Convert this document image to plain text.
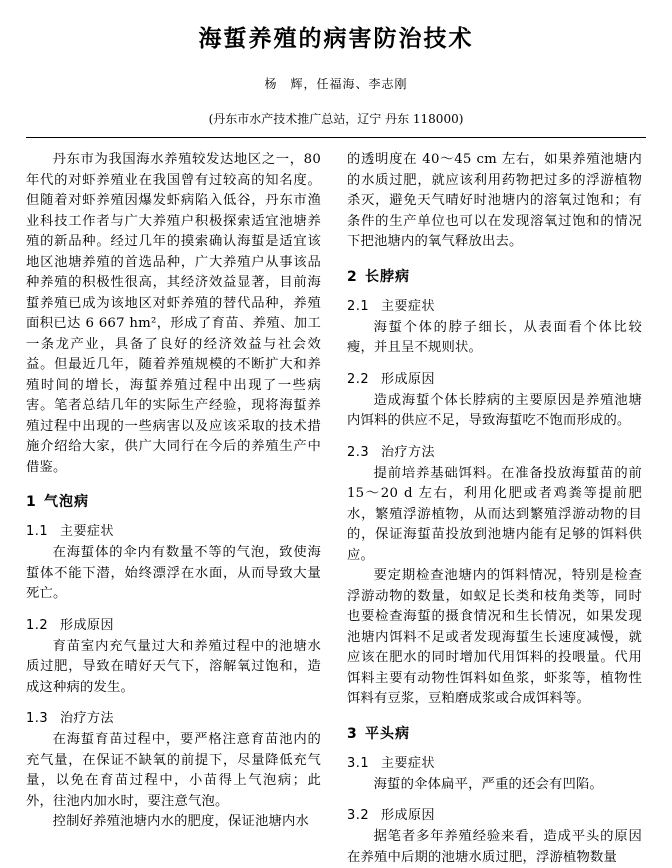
海蜇养殖的病害防治技术
杨　辉，任福海、李志刚
(丹东市水产技术推广总站，辽宁 丹东 118000)

丹东市为我国海水养殖较发达地区之一，80年代的对虾养殖业在我国曾有过较高的知名度。但随着对虾养殖因爆发虾病陷入低谷，丹东市渔业科技工作者与广大养殖户积极探索适宜池塘养殖的新品种。经过几年的摸索确认海蜇是适宜该地区池塘养殖的首选品种，广大养殖户从事该品种养殖的积极性很高，其经济效益显著，目前海蜇养殖已成为该地区对虾养殖的替代品种，养殖面积已达 6 667 hm²，形成了育苗、养殖、加工一条龙产业，具备了良好的经济效益与社会效益。但最近几年，随着养殖规模的不断扩大和养殖时间的增长，海蜇养殖过程中出现了一些病害。笔者总结几年的实际生产经验，现将海蜇养殖过程中出现的一些病害以及应该采取的技术措施介绍给大家，供广大同行在今后的养殖生产中借鉴。

1 气泡病
1.1 主要症状

在海蜇体的伞内有数量不等的气泡，致使海蜇体不能下潜，始终漂浮在水面，从而导致大量死亡。

1.2 形成原因

育苗室内充气量过大和养殖过程中的池塘水质过肥，导致在晴好天气下，溶解氧过饱和，造成这种病的发生。

1.3 治疗方法

在海蜇育苗过程中，要严格注意育苗池内的充气量，在保证不缺氧的前提下，尽量降低充气量，以免在育苗过程中，小苗得上气泡病；此外，往池内加水时，要注意气泡。

控制好养殖池塘内水的肥度，保证池塘内水

的透明度在 40～45 cm 左右，如果养殖池塘内的水质过肥，就应该利用药物把过多的浮游植物杀灭，避免天气晴好时池塘内的溶氧过饱和；有条件的生产单位也可以在发现溶氧过饱和的情况下把池塘内的氧气释放出去。

2 长脖病
2.1 主要症状

海蜇个体的脖子细长，从表面看个体比较瘦，并且呈不规则状。

2.2 形成原因

造成海蜇个体长脖病的主要原因是养殖池塘内饵料的供应不足，导致海蜇吃不饱而形成的。

2.3 治疗方法

提前培养基础饵料。在准备投放海蜇苗的前15～20 d 左右，利用化肥或者鸡粪等提前肥水，繁殖浮游植物，从而达到繁殖浮游动物的目的，保证海蜇苗投放到池塘内能有足够的饵料供应。

要定期检查池塘内的饵料情况，特别是检查浮游动物的数量，如蚁足长类和枝角类等，同时也要检查海蜇的摄食情况和生长情况，如果发现池塘内饵料不足或者发现海蜇生长速度减慢，就应该在肥水的同时增加代用饵料的投喂量。代用饵料主要有动物性饵料如鱼浆，虾浆等，植物性饵料有豆浆，豆粕磨成浆或合成饵料等。

3 平头病
3.1 主要症状

海蜇的伞体扁平，严重的还会有凹陷。

3.2 形成原因

据笔者多年养殖经验来看，造成平头的原因在养殖中后期的池塘水质过肥，浮游植物数量
